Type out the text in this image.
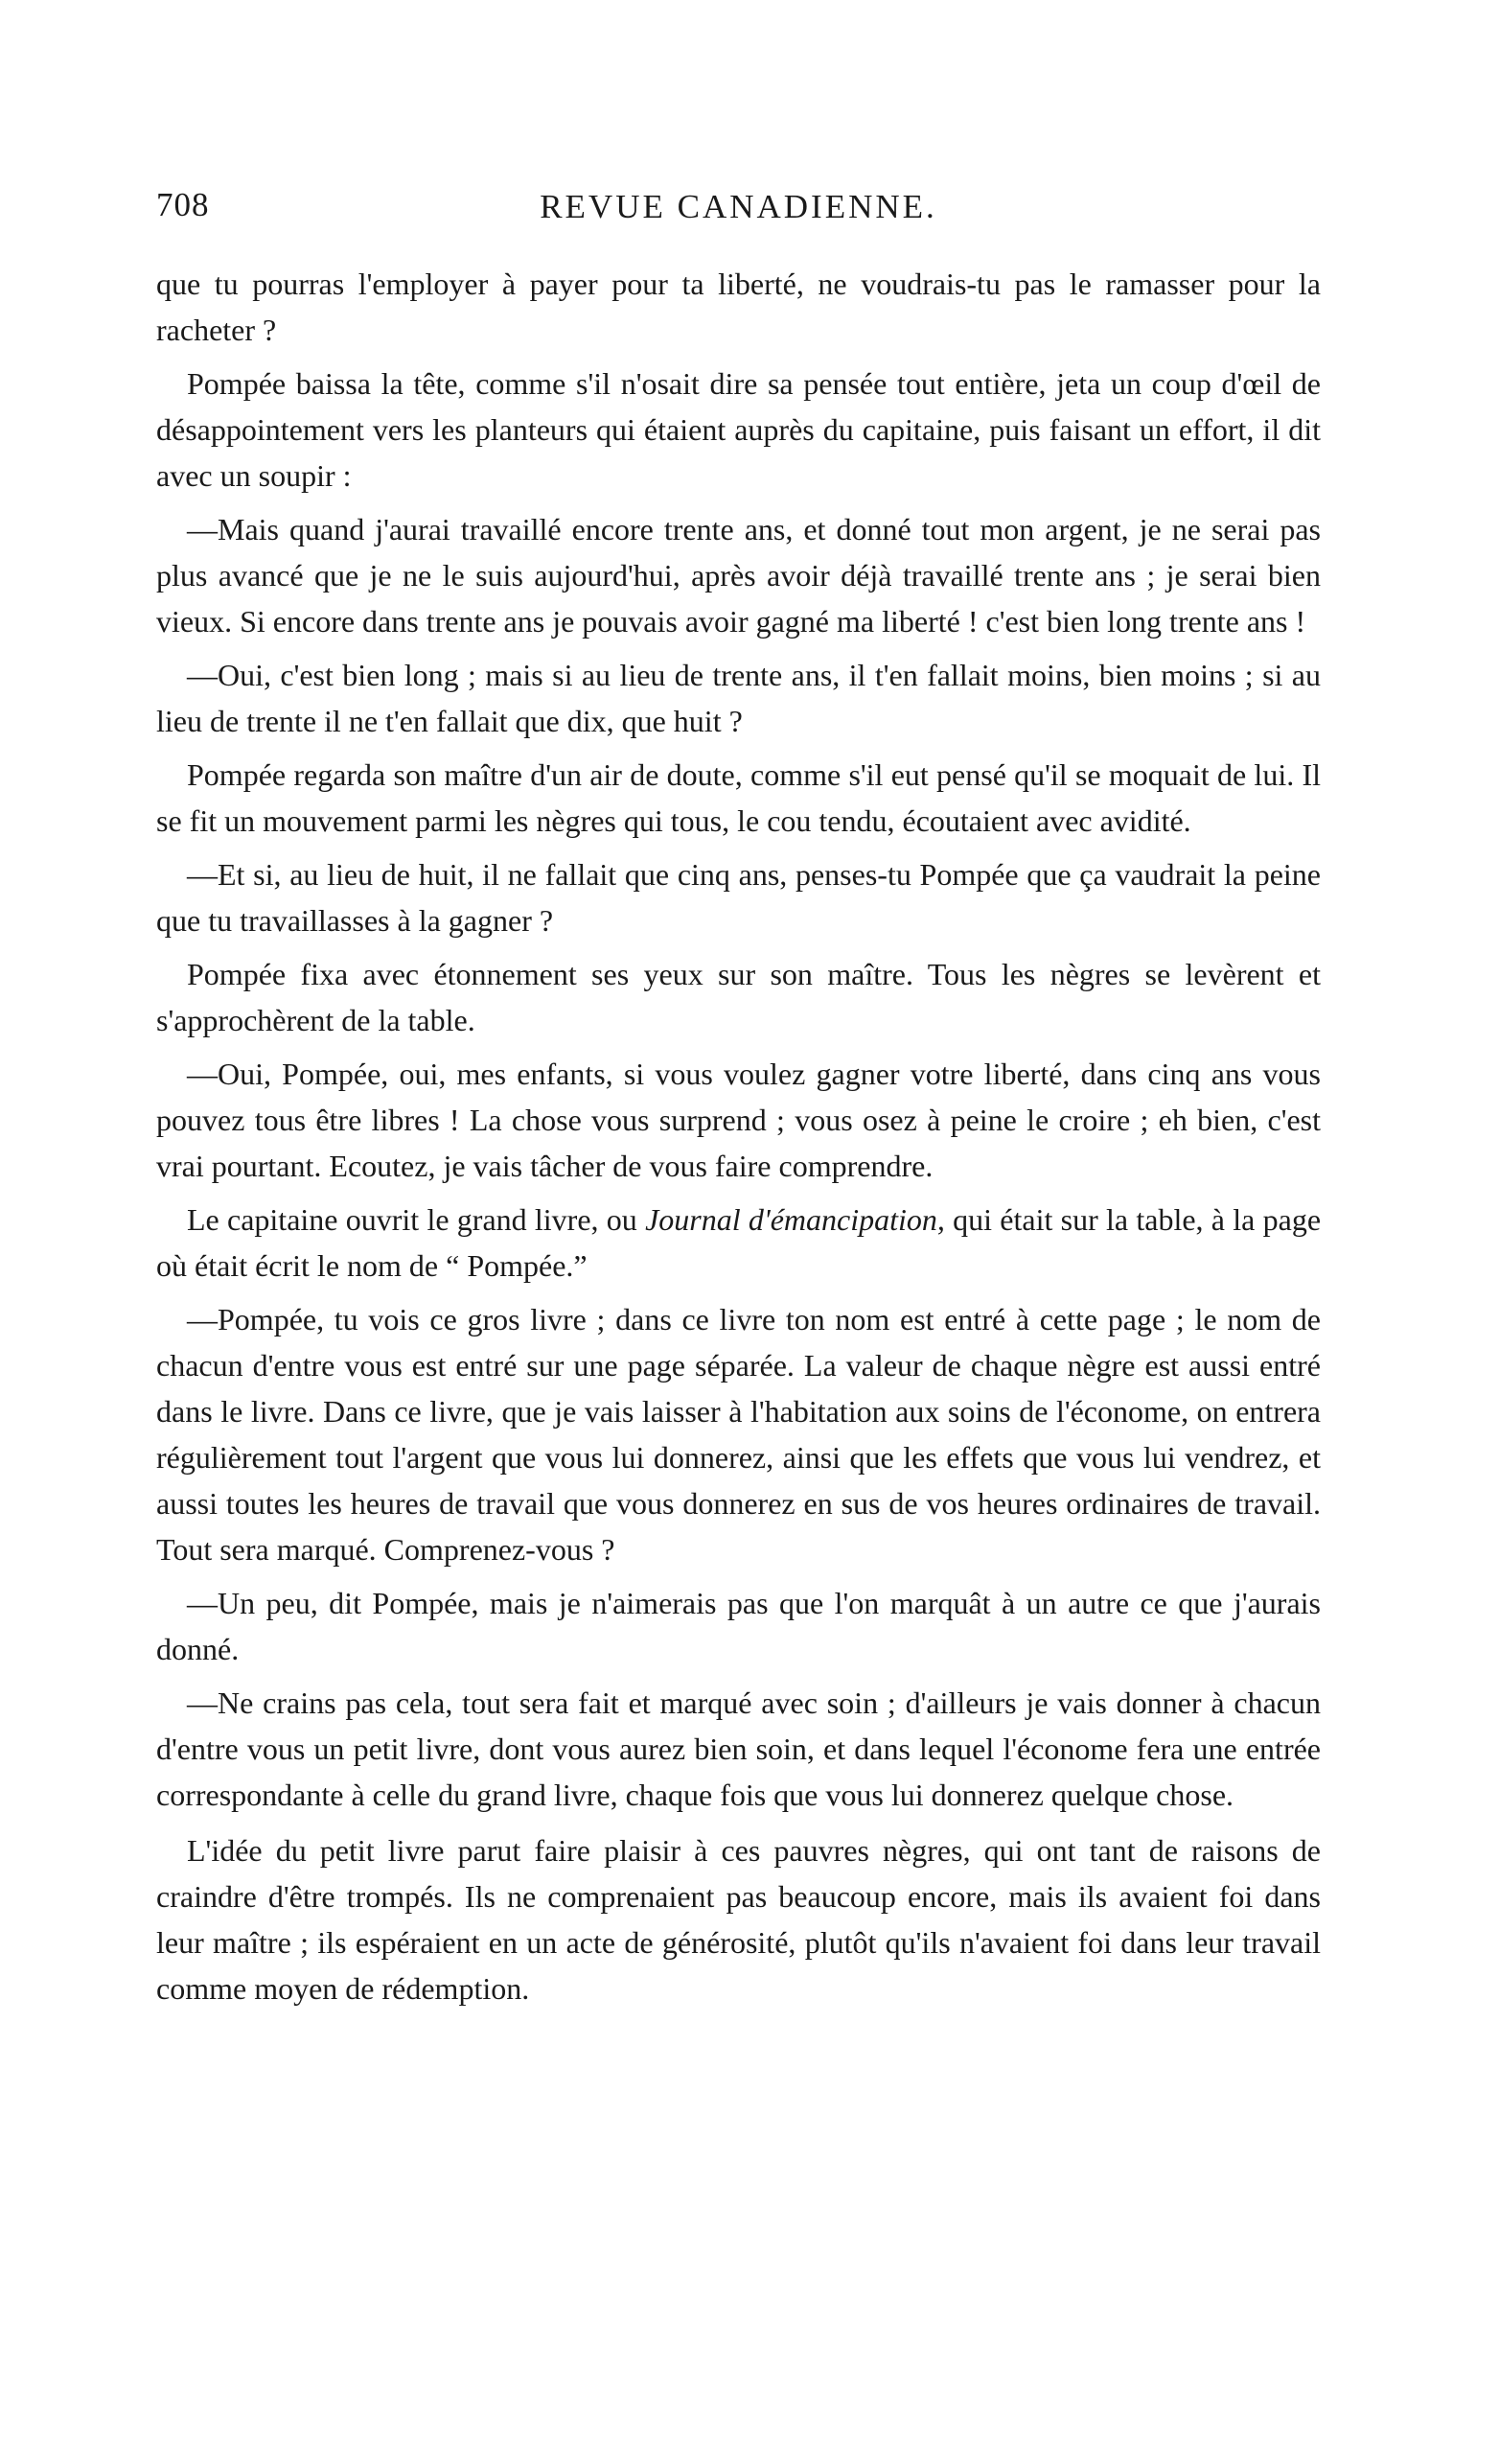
708	REVUE CANADIENNE.

que tu pourras l'employer à payer pour ta liberté, ne voudrais-tu pas le ramasser pour la racheter ?

Pompée baissa la tête, comme s'il n'osait dire sa pensée tout entière, jeta un coup d'œil de désappointement vers les planteurs qui étaient auprès du capitaine, puis faisant un effort, il dit avec un soupir :

—Mais quand j'aurai travaillé encore trente ans, et donné tout mon argent, je ne serai pas plus avancé que je ne le suis aujourd'hui, après avoir déjà travaillé trente ans ; je serai bien vieux. Si encore dans trente ans je pouvais avoir gagné ma liberté ! c'est bien long trente ans !

—Oui, c'est bien long ; mais si au lieu de trente ans, il t'en fallait moins, bien moins ; si au lieu de trente il ne t'en fallait que dix, que huit ?

Pompée regarda son maître d'un air de doute, comme s'il eut pensé qu'il se moquait de lui. Il se fit un mouvement parmi les nègres qui tous, le cou tendu, écoutaient avec avidité.

—Et si, au lieu de huit, il ne fallait que cinq ans, penses-tu Pompée que ça vaudrait la peine que tu travaillasses à la gagner ?

Pompée fixa avec étonnement ses yeux sur son maître. Tous les nègres se levèrent et s'approchèrent de la table.

—Oui, Pompée, oui, mes enfants, si vous voulez gagner votre liberté, dans cinq ans vous pouvez tous être libres ! La chose vous surprend ; vous osez à peine le croire ; eh bien, c'est vrai pourtant. Ecoutez, je vais tâcher de vous faire comprendre.

Le capitaine ouvrit le grand livre, ou Journal d'émancipation, qui était sur la table, à la page où était écrit le nom de “ Pompée.”

—Pompée, tu vois ce gros livre ; dans ce livre ton nom est entré à cette page ; le nom de chacun d'entre vous est entré sur une page séparée. La valeur de chaque nègre est aussi entré dans le livre. Dans ce livre, que je vais laisser à l'habitation aux soins de l'économe, on entrera régulièrement tout l'argent que vous lui donnerez, ainsi que les effets que vous lui vendrez, et aussi toutes les heures de travail que vous donnerez en sus de vos heures ordinaires de travail. Tout sera marqué. Comprenez-vous ?

—Un peu, dit Pompée, mais je n'aimerais pas que l'on marquât à un autre ce que j'aurais donné.

—Ne crains pas cela, tout sera fait et marqué avec soin ; d'ailleurs je vais donner à chacun d'entre vous un petit livre, dont vous aurez bien soin, et dans lequel l'économe fera une entrée correspondante à celle du grand livre, chaque fois que vous lui donnerez quelque chose.

L'idée du petit livre parut faire plaisir à ces pauvres nègres, qui ont tant de raisons de craindre d'être trompés. Ils ne comprenaient pas beaucoup encore, mais ils avaient foi dans leur maître ; ils espéraient en un acte de générosité, plutôt qu'ils n'avaient foi dans leur travail comme moyen de rédemption.
